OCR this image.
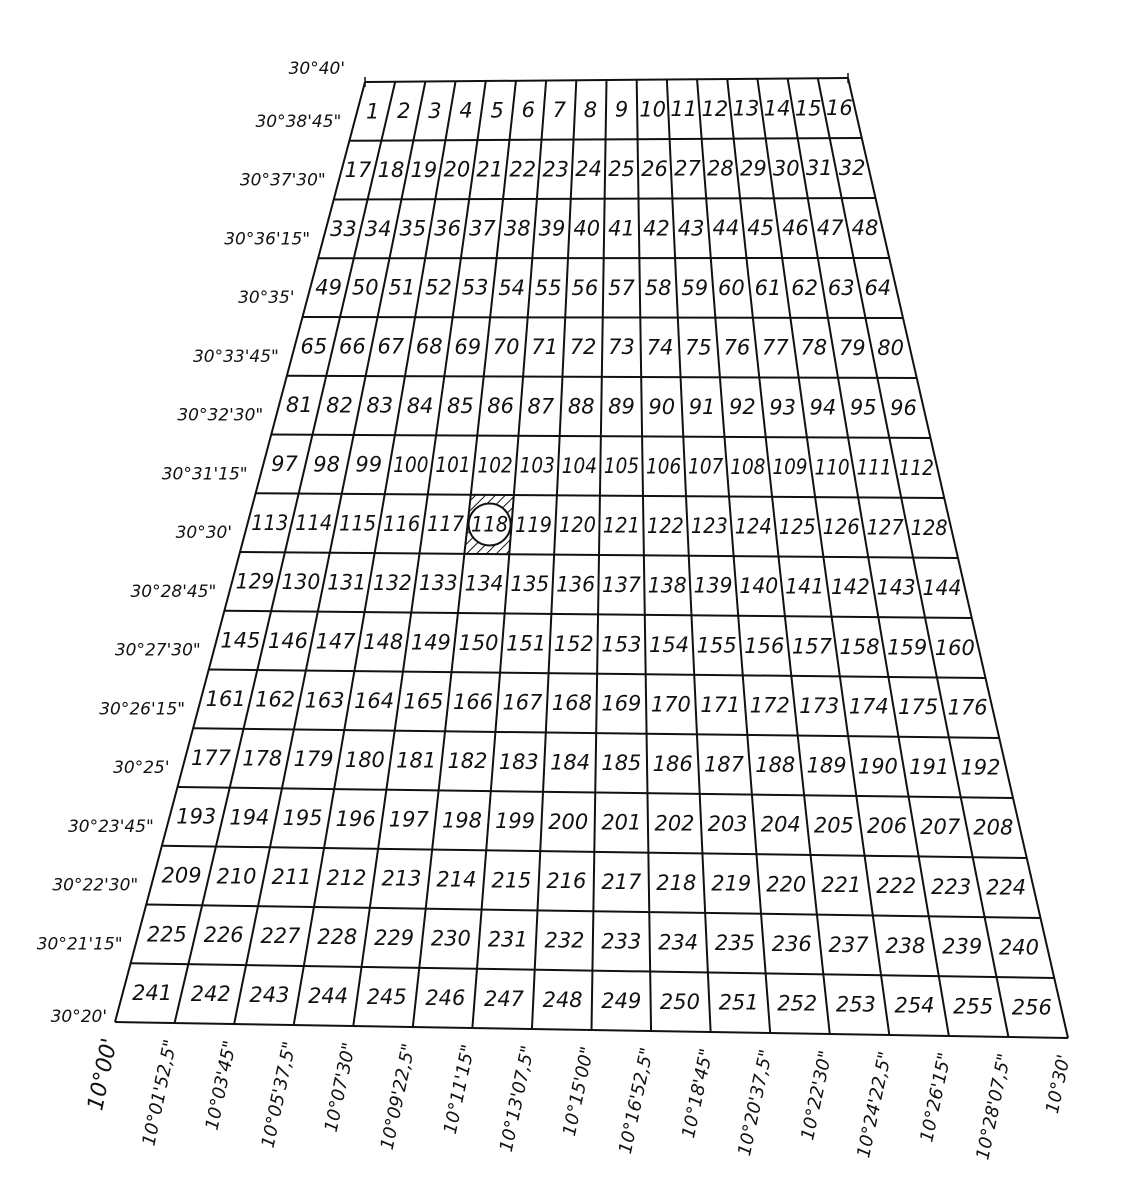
1 2 3 4 5 6 7 8 9 10 11 12 13 14 15 16
17 18 19 20 21 22 23 24 25 26 27 28 29 30 31 32
33 34 35 36 37 38 39 40 41 42 43 44 45 46 47 48
49 50 51 52 53 54 55 56 57 58 59 60 61 62 63 64
65 66 67 68 69 70 71 72 73 74 75 76 77 78 79 80
81 82 83 84 85 86 87 88 89 90 91 92 93 94 95 96
97 98 99 100 101 102 103 104 105 106 107 108 109 110 111 112
113 114 115 116 117 118 119 120 121 122 123 124 125 126 127 128
129 130 131 132 133 134 135 136 137 138 139 140 141 142 143 144
145 146 147 148 149 150 151 152 153 154 155 156 157 158 159 160
161 162 163 164 165 166 167 168 169 170 171 172 173 174 175 176
177 178 179 180 181 182 183 184 185 186 187 188 189 190 191 192
193 194 195 196 197 198 199 200 201 202 203 204 205 206 207 208
209 210 211 212 213 214 215 216 217 218 219 220 221 222 223 224
225 226 227 228 229 230 231 232 233 234 235 236 237 238 239 240
241 242 243 244 245 246 247 248 249 250 251 252 253 254 255 256
30°40'
30°38'45"
30°37'30"
30°36'15"
30°35'
30°33'45"
30°32'30"
30°31'15"
30°30'
30°28'45"
30°27'30"
30°26'15"
30°25'
30°23'45"
30°22'30"
30°21'15"
30°20'
10°00' 10°01'52,5" 10°03'45" 10°05'37,5" 10°07'30" 10°09'22,5" 10°11'15" 10°13'07,5" 10°15'00" 10°16'52,5" 10°18'45" 10°20'37,5" 10°22'30" 10°24'22,5" 10°26'15" 10°28'07,5" 10°30'
